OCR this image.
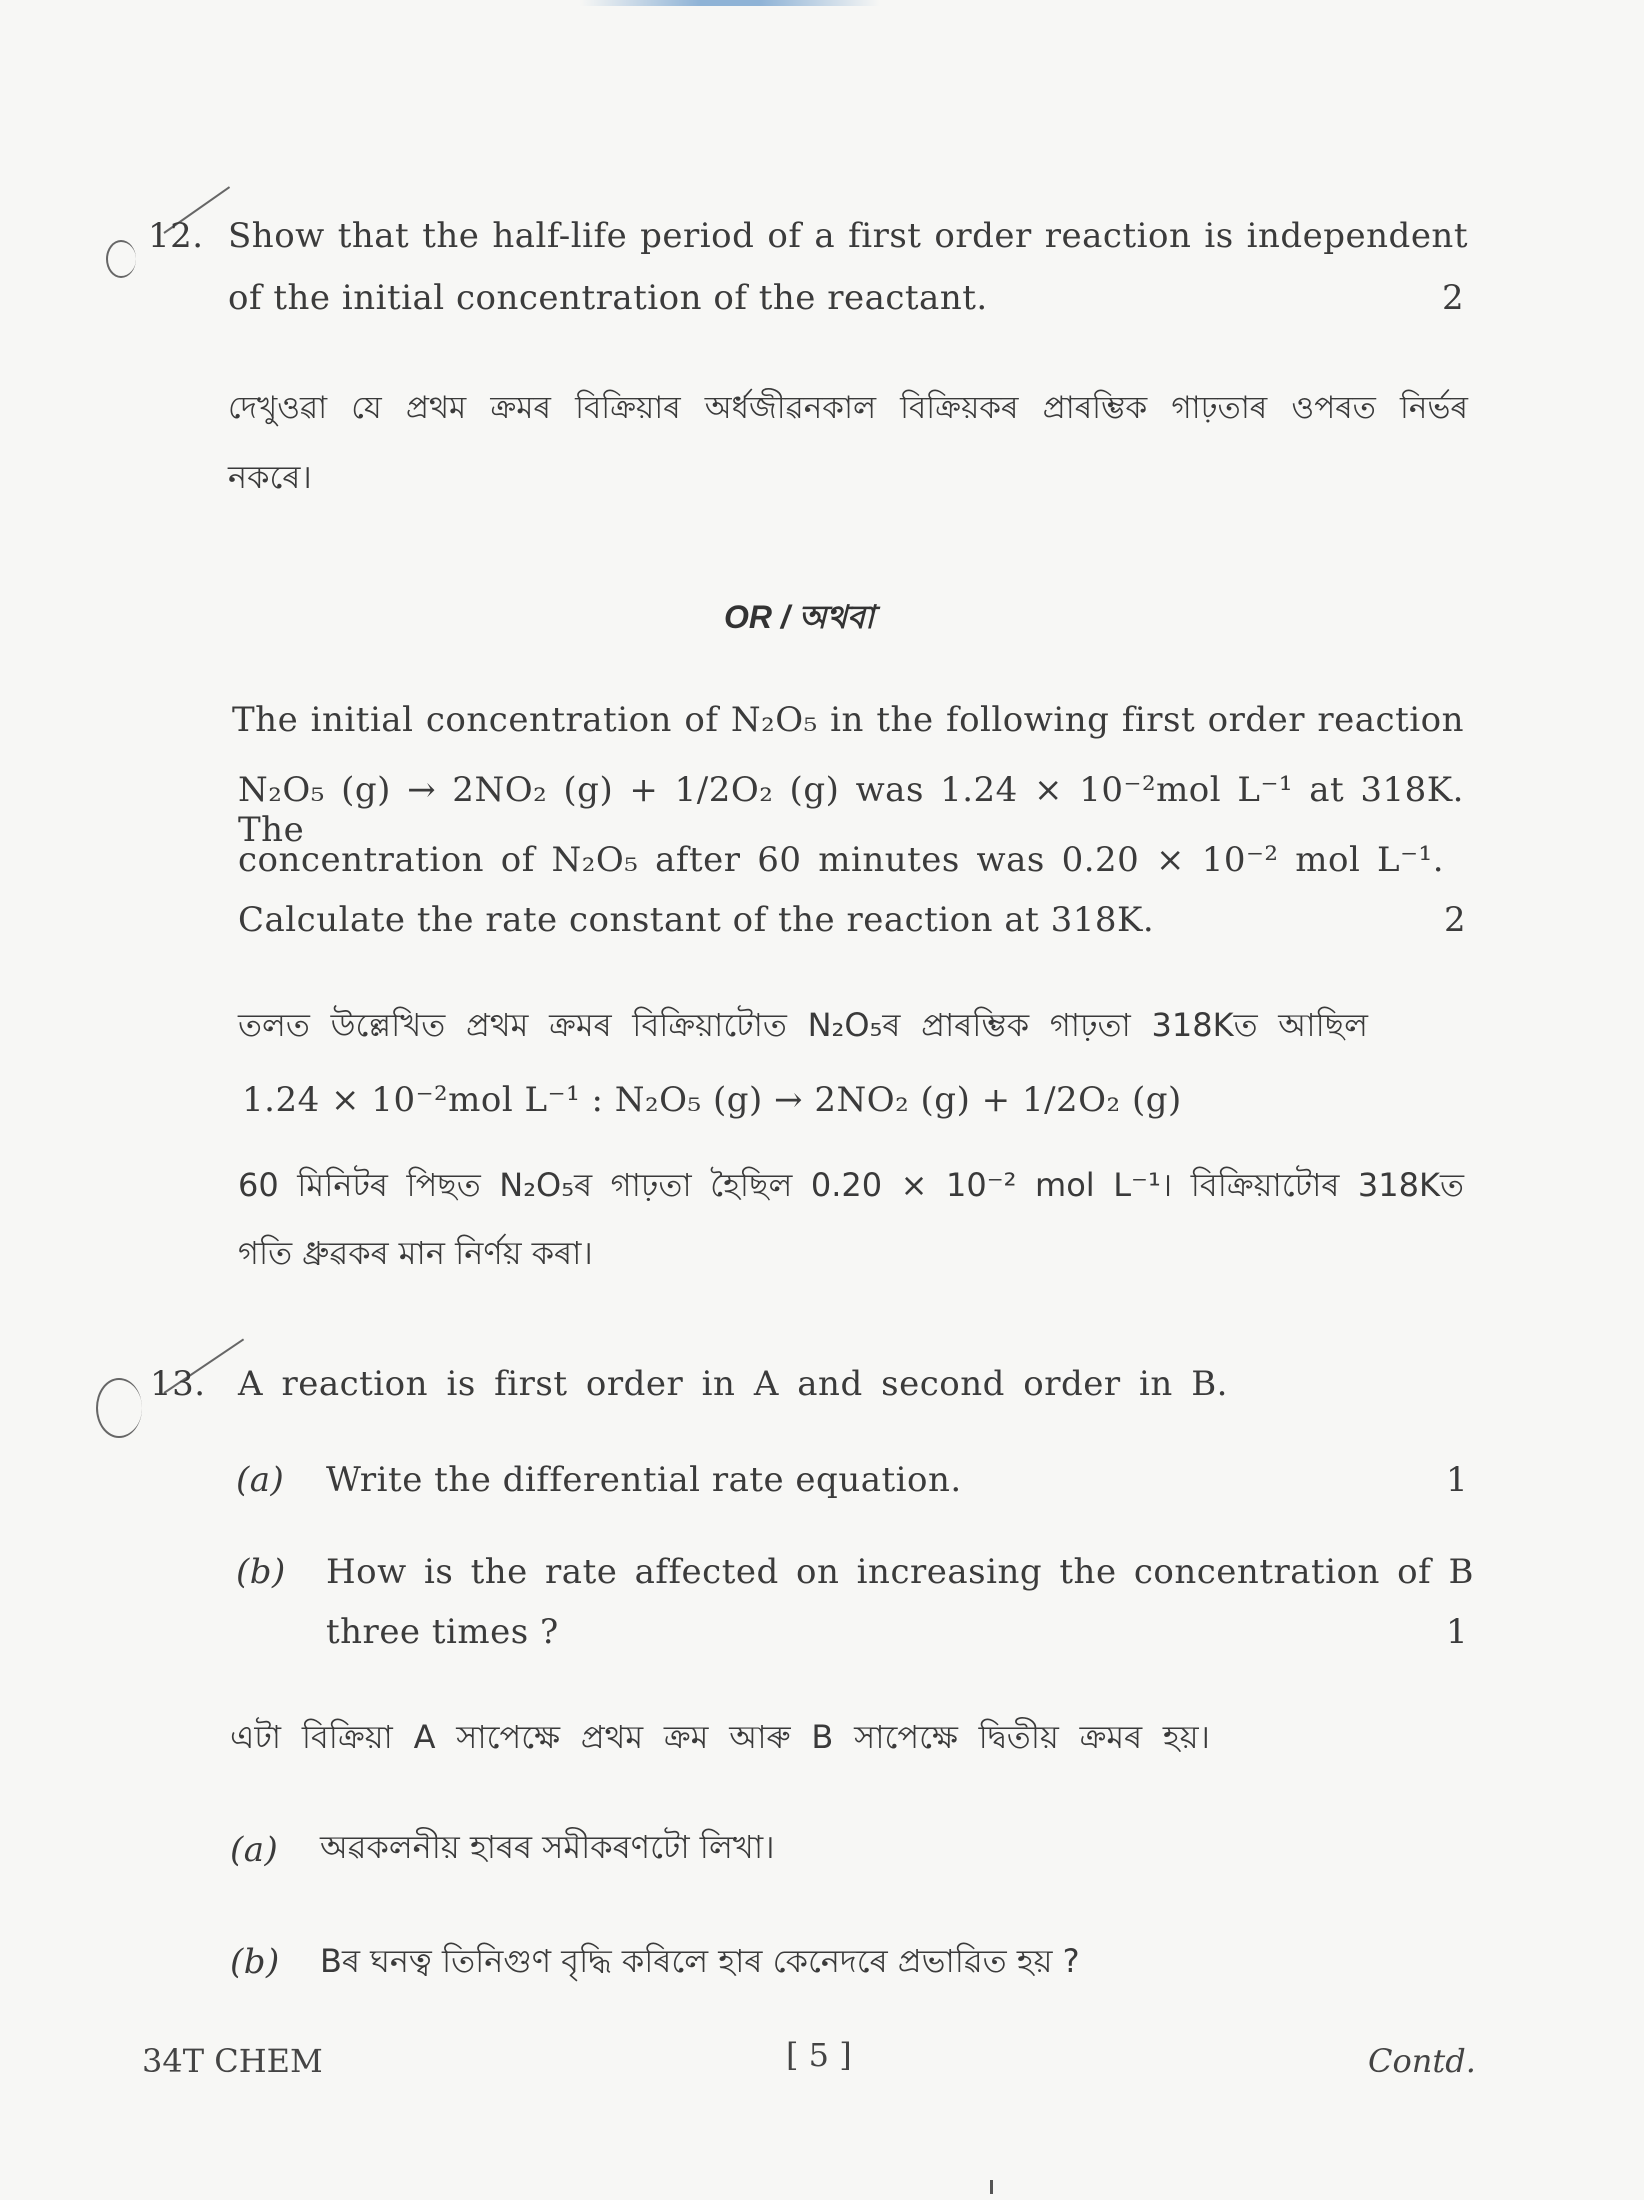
12. Show that the half-life period of a first order reaction is independent
of the initial concentration of the reactant.	2
দেখুওৱা যে প্ৰথম ক্ৰমৰ বিক্ৰিয়াৰ অৰ্ধজীৱনকাল বিক্ৰিয়কৰ প্ৰাৰম্ভিক গাঢ়তাৰ ওপৰত নিৰ্ভৰ
নকৰে।
OR / অথবা
The initial concentration of N₂O₅ in the following first order reaction
N₂O₅ (g) → 2NO₂ (g) + 1/2O₂ (g) was 1.24 × 10⁻²mol L⁻¹ at 318K. The
concentration of N₂O₅ after 60 minutes was 0.20 × 10⁻² mol L⁻¹.
Calculate the rate constant of the reaction at 318K.	2
তলত উল্লেখিত প্ৰথম ক্ৰমৰ বিক্ৰিয়াটোত N₂O₅ৰ প্ৰাৰম্ভিক গাঢ়তা 318Kত আছিল
1.24 × 10⁻²mol L⁻¹ : N₂O₅ (g) → 2NO₂ (g) + 1/2O₂ (g)
60 মিনিটৰ পিছত N₂O₅ৰ গাঢ়তা হৈছিল 0.20 × 10⁻² mol L⁻¹। বিক্ৰিয়াটোৰ 318Kত
গতি ধ্ৰুৱকৰ মান নিৰ্ণয় কৰা।
13. A reaction is first order in A and second order in B.
(a) Write the differential rate equation.	1
(b) How is the rate affected on increasing the concentration of B
three times ?	1
এটা বিক্ৰিয়া A সাপেক্ষে প্ৰথম ক্ৰম আৰু B সাপেক্ষে দ্বিতীয় ক্ৰমৰ হয়।
(a) অৱকলনীয় হাৰৰ সমীকৰণটো লিখা।
(b) Bৰ ঘনত্ব তিনিগুণ বৃদ্ধি কৰিলে হাৰ কেনেদৰে প্ৰভাৱিত হয় ?
34T CHEM	[ 5 ]	Contd.
